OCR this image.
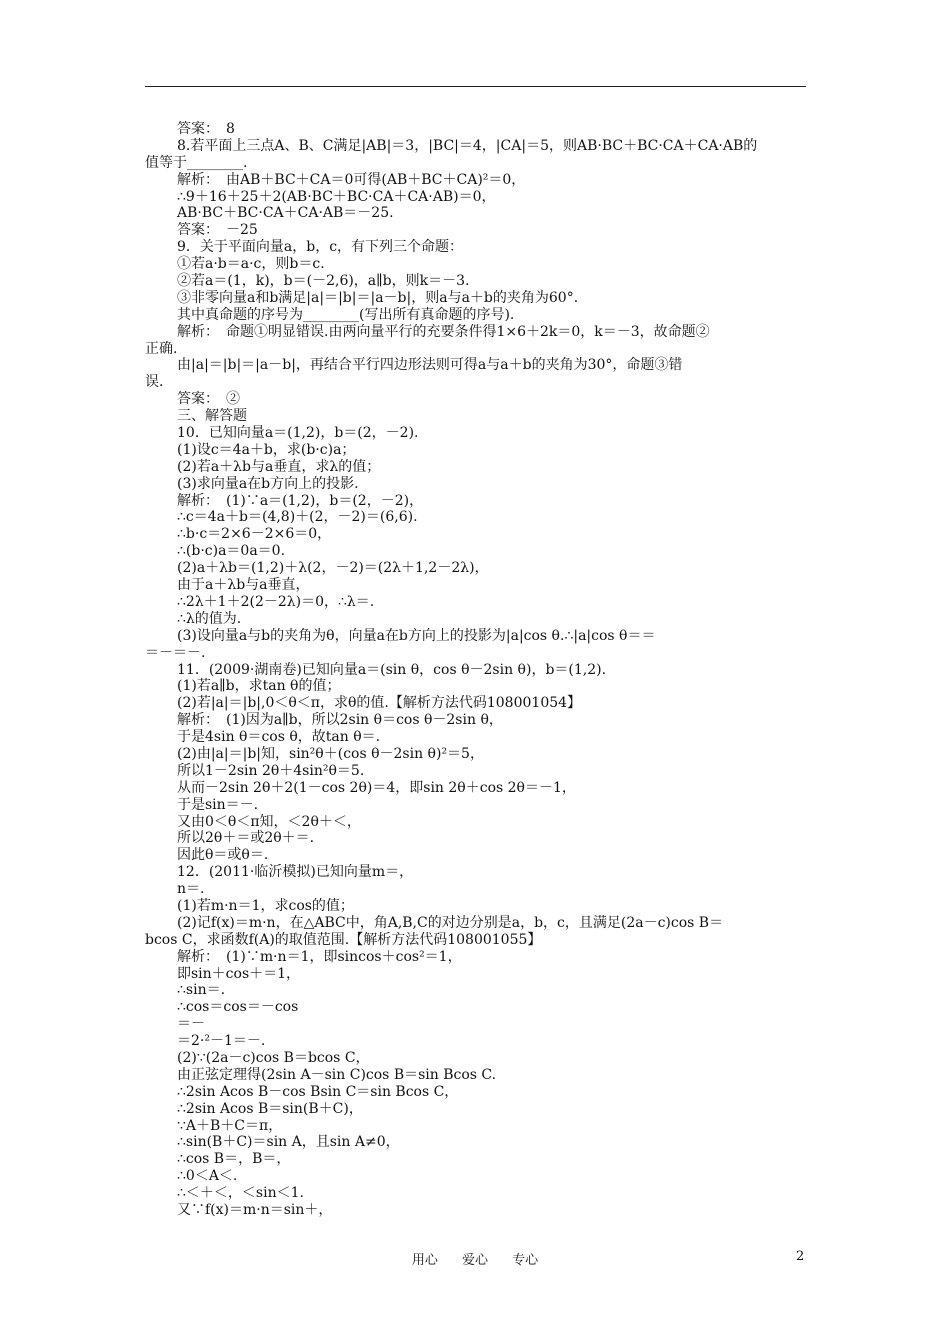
答案：　8
8.若平面上三点A、B、C满足|AB|＝3，|BC|＝4，|CA|＝5，则AB·BC＋BC·CA＋CA·AB的
值等于________.
解析：　由AB＋BC＋CA＝0可得(AB＋BC＋CA)²＝0，
∴9＋16＋25＋2(AB·BC＋BC·CA＋CA·AB)＝0，
AB·BC＋BC·CA＋CA·AB＝－25.
答案：　－25
9．关于平面向量a，b，c，有下列三个命题：
①若a·b＝a·c，则b＝c.
②若a＝(1，k)，b＝(－2,6)，a∥b，则k＝－3.
③非零向量a和b满足|a|＝|b|＝|a－b|，则a与a＋b的夹角为60°.
其中真命题的序号为________(写出所有真命题的序号).
解析：　命题①明显错误.由两向量平行的充要条件得1×6＋2k＝0，k＝－3，故命题②
正确.
由|a|＝|b|＝|a－b|，再结合平行四边形法则可得a与a＋b的夹角为30°，命题③错
误.
答案：　②
三、解答题
10．已知向量a＝(1,2)，b＝(2，－2).
(1)设c＝4a＋b，求(b·c)a；
(2)若a＋λb与a垂直，求λ的值；
(3)求向量a在b方向上的投影.
解析：　(1)∵a＝(1,2)，b＝(2，－2)，
∴c＝4a＋b＝(4,8)＋(2，－2)＝(6,6).
∴b·c＝2×6－2×6＝0，
∴(b·c)a＝0a＝0.
(2)a＋λb＝(1,2)＋λ(2，－2)＝(2λ＋1,2－2λ)，
由于a＋λb与a垂直，
∴2λ＋1＋2(2－2λ)＝0，∴λ＝.
∴λ的值为.
(3)设向量a与b的夹角为θ，向量a在b方向上的投影为|a|cos θ.∴|a|cos θ＝＝
＝－＝－.
11．(2009·湖南卷)已知向量a＝(sin θ，cos θ－2sin θ)，b＝(1,2).
(1)若a∥b，求tan θ的值；
(2)若|a|＝|b|,0＜θ＜π，求θ的值.【解析方法代码108001054】
解析：　(1)因为a∥b，所以2sin θ＝cos θ－2sin θ，
于是4sin θ＝cos θ，故tan θ＝.
(2)由|a|＝|b|知，sin²θ＋(cos θ－2sin θ)²＝5，
所以1－2sin 2θ＋4sin²θ＝5.
从而－2sin 2θ＋2(1－cos 2θ)＝4，即sin 2θ＋cos 2θ＝－1，
于是sin＝－.
又由0＜θ＜π知，＜2θ＋＜，
所以2θ＋＝或2θ＋＝.
因此θ＝或θ＝.
12．(2011·临沂模拟)已知向量m＝，
n＝.
(1)若m·n＝1，求cos的值；
(2)记f(x)＝m·n，在△ABC中，角A,B,C的对边分别是a，b，c，且满足(2a－c)cos B＝
bcos C，求函数f(A)的取值范围.【解析方法代码108001055】
解析：　(1)∵m·n＝1，即sincos＋cos²＝1，
即sin＋cos＋＝1，
∴sin＝.
∴cos＝cos＝－cos
＝－
＝2·²－1＝－.
(2)∵(2a－c)cos B＝bcos C，
由正弦定理得(2sin A－sin C)cos B＝sin Bcos C.
∴2sin Acos B－cos Bsin C＝sin Bcos C，
∴2sin Acos B＝sin(B＋C)，
∵A＋B＋C＝π，
∴sin(B＋C)＝sin A，且sin A≠0，
∴cos B＝，B＝，
∴0＜A＜.
∴＜＋＜，＜sin＜1.
又∵f(x)＝m·n＝sin＋，
用心 爱心 专心	2
